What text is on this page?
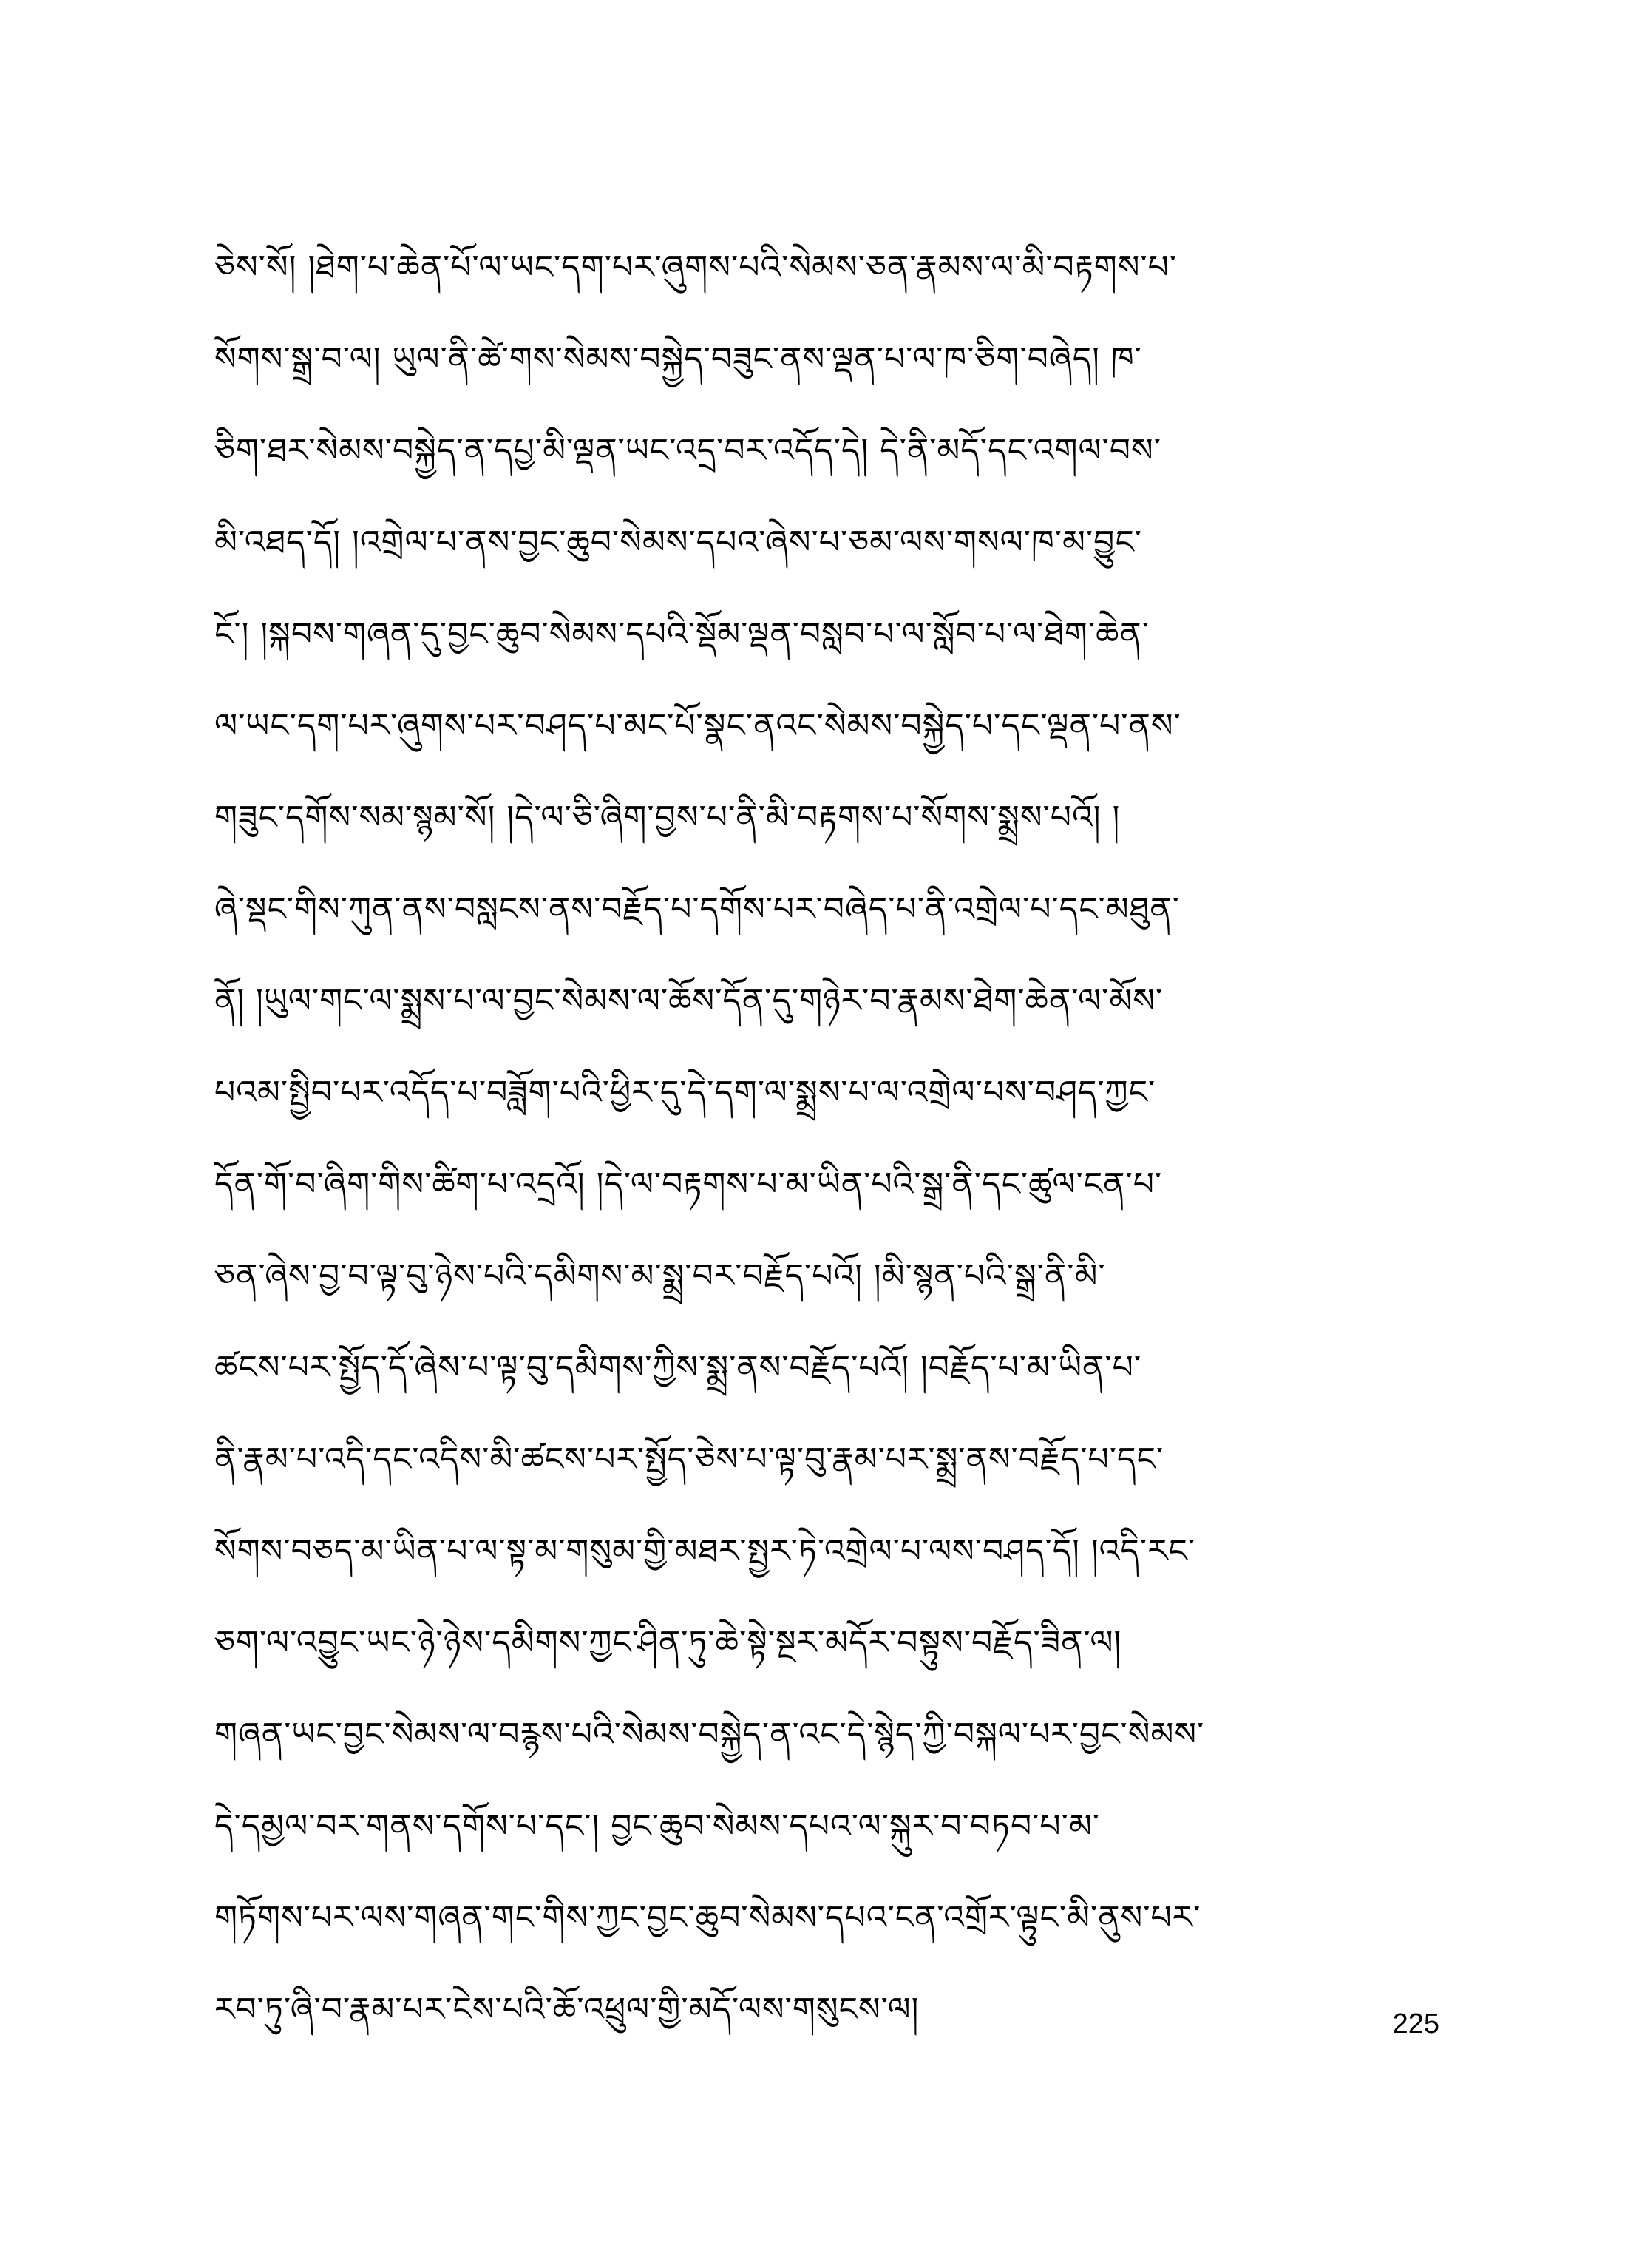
ཅེས་སོ། །ཐེག་པ་ཆེན་པོ་ལ་ཡང་དག་པར་ཞུགས་པའི་སེམས་ཅན་རྣམས་ལ་མི་བརྟགས་པ་
སོགས་སྒྲ་བ་ལ། ཡུལ་ནི་ཚེ་གས་སེམས་བསྐྱེད་བཟུང་ནས་ལྡན་པ་ལ་ཁ་ཅིག་བཞེད། ཁ་
ཅིག་ཐར་སེམས་བསྐྱེད་ན་དཔྱ་མི་ལྡན་ཡང་འདྲ་བར་འདོད་དེ། དེ་ནི་མདོ་དང་འགལ་བས་
མི་འཐད་དོ། །འགྲེལ་པ་ནས་བྱང་ཆུབ་སེམས་དཔའ་ཞེས་པ་ཅམ་ལས་གསལ་ཁ་མ་བྱུང་
ངོ་། །སྐབས་གཞན་དུ་བྱང་ཆུབ་སེམས་དཔའི་སྡོམ་ལྡན་བསླབ་པ་ལ་སློབ་པ་ལ་ཐེག་ཆེན་
ལ་ཡང་དག་པར་ཞུགས་པར་བཤད་པ་མང་པོ་སྣང་ནའང་སེམས་བསྐྱེད་པ་དང་ལྡན་པ་ནས་
གཟུང་དགོས་སམ་སྙམ་སོ། །དེ་ལ་ཅི་ཞིག་བྱས་པ་ནི་མི་བརྟགས་པ་སོགས་སྨྲས་པའོ། །
ཞེ་སྡང་གིས་ཀུན་ནས་བསླངས་ནས་བརྗོད་པ་དགོས་པར་བཞེད་པ་ནི་འགྲེལ་པ་དང་མཐུན་
ནོ། །ཡུལ་གང་ལ་སྨྲས་པ་ལ་བྱང་སེམས་ལ་ཆོས་དོན་དུ་གཉེར་བ་རྣམས་ཐེག་ཆེན་ལ་མོས་
པའམ་སྤྱིབ་པར་འདོད་པ་བཟློག་པའི་ཕྱིར་དུ་དེ་དག་ལ་སྨྲས་པ་ལ་འགྲེལ་པས་བཤད་ཀྱང་
དོན་གོ་བ་ཞིག་གིས་ཚིག་པ་འདྲའོ། །དེ་ལ་བརྟགས་པ་མ་ཡིན་པའི་སྒྲ་ནི་དང་ཚུལ་ངན་པ་
ཅན་ཞེས་བྱ་བ་ལྟ་བུ་ཉེས་པའི་དམིགས་མ་སྨྲ་བར་བརྗོད་པའོ། །མི་སྙན་པའི་སྒྲ་ནི་མི་
ཚངས་པར་སྤྱོད་དོ་ཞེས་པ་ལྟ་བུ་དམིགས་ཀྱིས་སྨྲ་ནས་བརྗོད་པའོ། །བརྗོད་པ་མ་ཡིན་པ་
ནི་རྣམ་པ་འདི་དང་འདིས་མི་ཚངས་པར་སྤྱོད་ཅེས་པ་ལྟ་བུ་རྣམ་པར་སྨྲ་ནས་བརྗོད་པ་དང་
སོགས་བཅད་མ་ཡིན་པ་ལ་སྟ་མ་གསུམ་གྱི་མཐར་སྤྱར་ཏེ་འགྲེལ་པ་ལས་བཤད་དོ། །འདི་རང་
ཅག་ལ་འབྱུང་ཡང་ཉེ་ཉེས་དམིགས་ཀྱང་ཤིན་ཏུ་ཆེ་སྟེ་སྔར་མདོར་བསྟུས་བརྗོད་ཟིན་ལ།
གཞན་ཡང་བྱང་སེམས་ལ་བརྙས་པའི་སེམས་བསྐྱེད་ན་འང་དེ་སྙེད་ཀྱི་བསྐལ་པར་བྱང་སེམས་
དེ་དམྱལ་བར་གནས་དགོས་པ་དང་། བྱང་ཆུབ་སེམས་དཔའ་ལ་སྐུར་བ་བཏབ་པ་མ་
གཏོགས་པར་ལས་གཞན་གང་གིས་ཀྱང་བྱང་ཆུབ་སེམས་དཔའ་ངན་འགྲོར་ལྟུང་མི་ནུས་པར་
རབ་ཏུ་ཞི་བ་རྣམ་པར་ངེས་པའི་ཆོ་འཕྲུལ་གྱི་མདོ་ལས་གསུངས་ལ།	225
